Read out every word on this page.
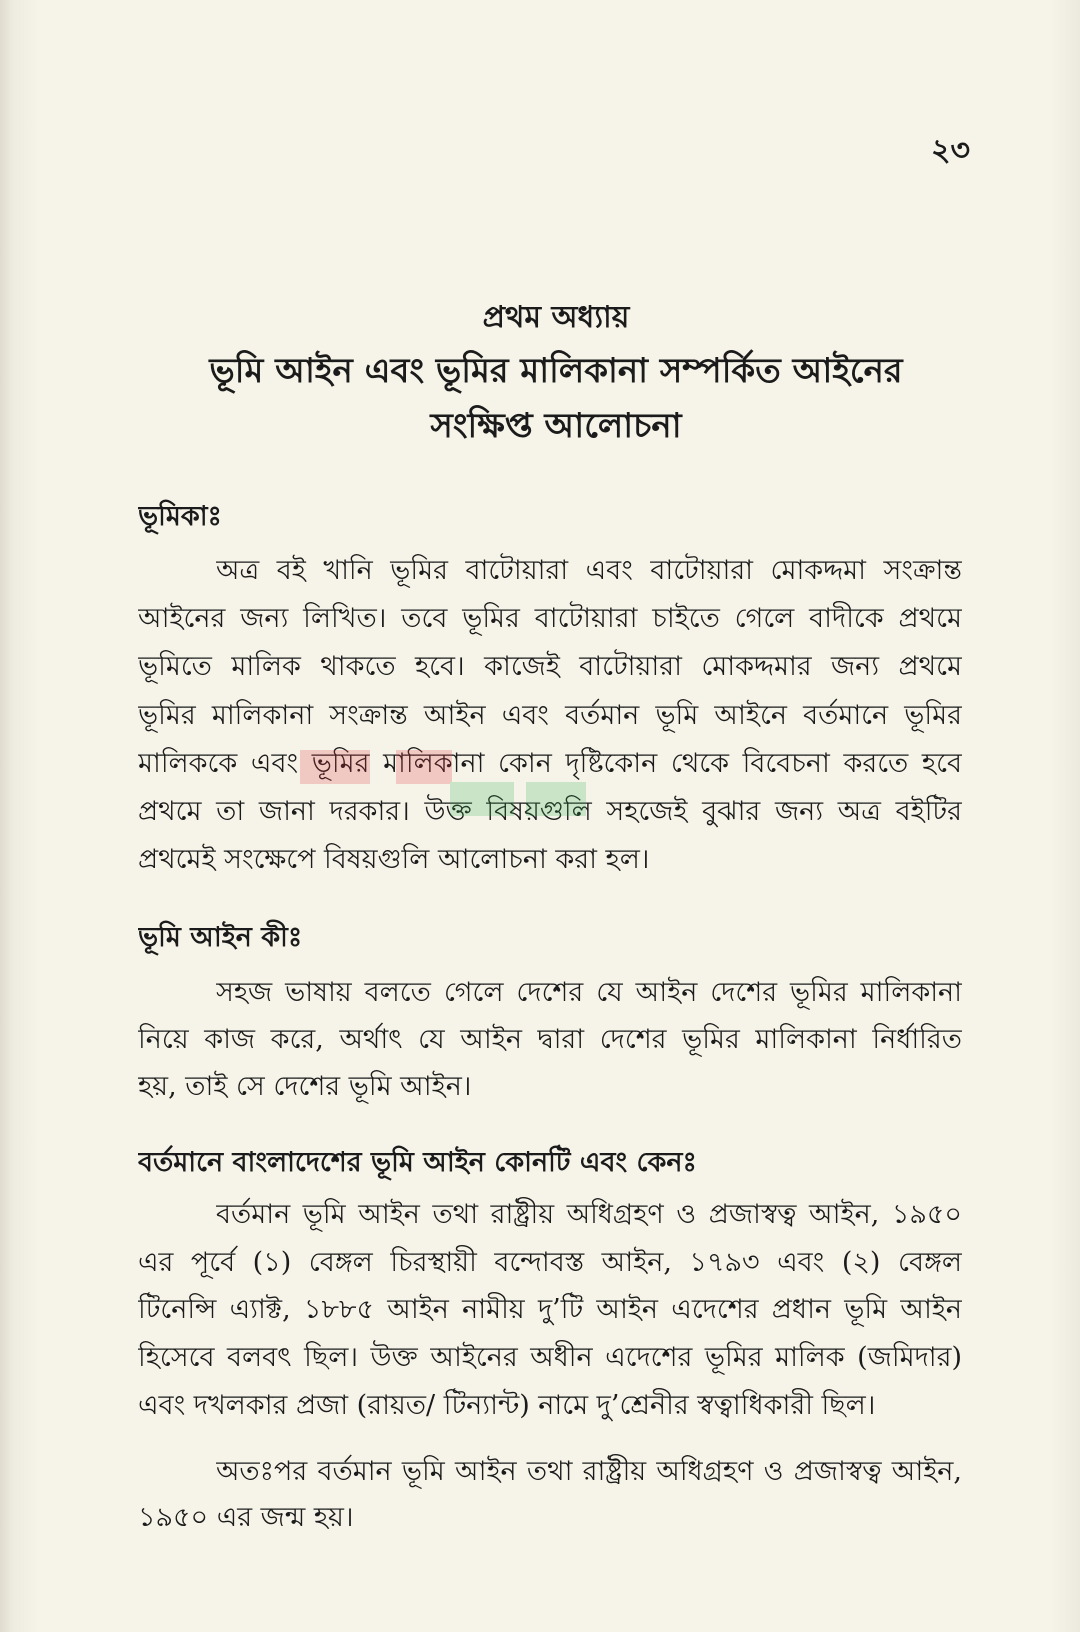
২৩
প্রথম অধ্যায়
ভূমি আইন এবং ভূমির মালিকানা সম্পর্কিত আইনের
সংক্ষিপ্ত আলোচনা
ভূমিকাঃ
অত্র বই খানি ভূমির বাটোয়ারা এবং বাটোয়ারা মোকদ্দমা সংক্রান্ত
আইনের জন্য লিখিত। তবে ভূমির বাটোয়ারা চাইতে গেলে বাদীকে প্রথমে
ভূমিতে মালিক থাকতে হবে। কাজেই বাটোয়ারা মোকদ্দমার জন্য প্রথমে
ভূমির মালিকানা সংক্রান্ত আইন এবং বর্তমান ভূমি আইনে বর্তমানে ভূমির
মালিককে এবং ভূমির মালিকানা কোন দৃষ্টিকোন থেকে বিবেচনা করতে হবে
প্রথমে তা জানা দরকার। উক্ত বিষয়গুলি সহজেই বুঝার জন্য অত্র বইটির
প্রথমেই সংক্ষেপে বিষয়গুলি আলোচনা করা হল।
ভূমি আইন কীঃ
সহজ ভাষায় বলতে গেলে দেশের যে আইন দেশের ভূমির মালিকানা
নিয়ে কাজ করে, অর্থাৎ যে আইন দ্বারা দেশের ভূমির মালিকানা নির্ধারিত
হয়, তাই সে দেশের ভূমি আইন।
বর্তমানে বাংলাদেশের ভূমি আইন কোনটি এবং কেনঃ
বর্তমান ভূমি আইন তথা রাষ্ট্রীয় অধিগ্রহণ ও প্রজাস্বত্ব আইন, ১৯৫০
এর পূর্বে (১) বেঙ্গল চিরস্থায়ী বন্দোবস্ত আইন, ১৭৯৩ এবং (২) বেঙ্গল
টিনেন্সি এ্যাক্ট, ১৮৮৫ আইন নামীয় দু’টি আইন এদেশের প্রধান ভূমি আইন
হিসেবে বলবৎ ছিল। উক্ত আইনের অধীন এদেশের ভূমির মালিক (জমিদার)
এবং দখলকার প্রজা (রায়ত/ টিন্যান্ট) নামে দু’শ্রেনীর স্বত্বাধিকারী ছিল।
অতঃপর বর্তমান ভূমি আইন তথা রাষ্ট্রীয় অধিগ্রহণ ও প্রজাস্বত্ব আইন,
১৯৫০ এর জন্ম হয়।
